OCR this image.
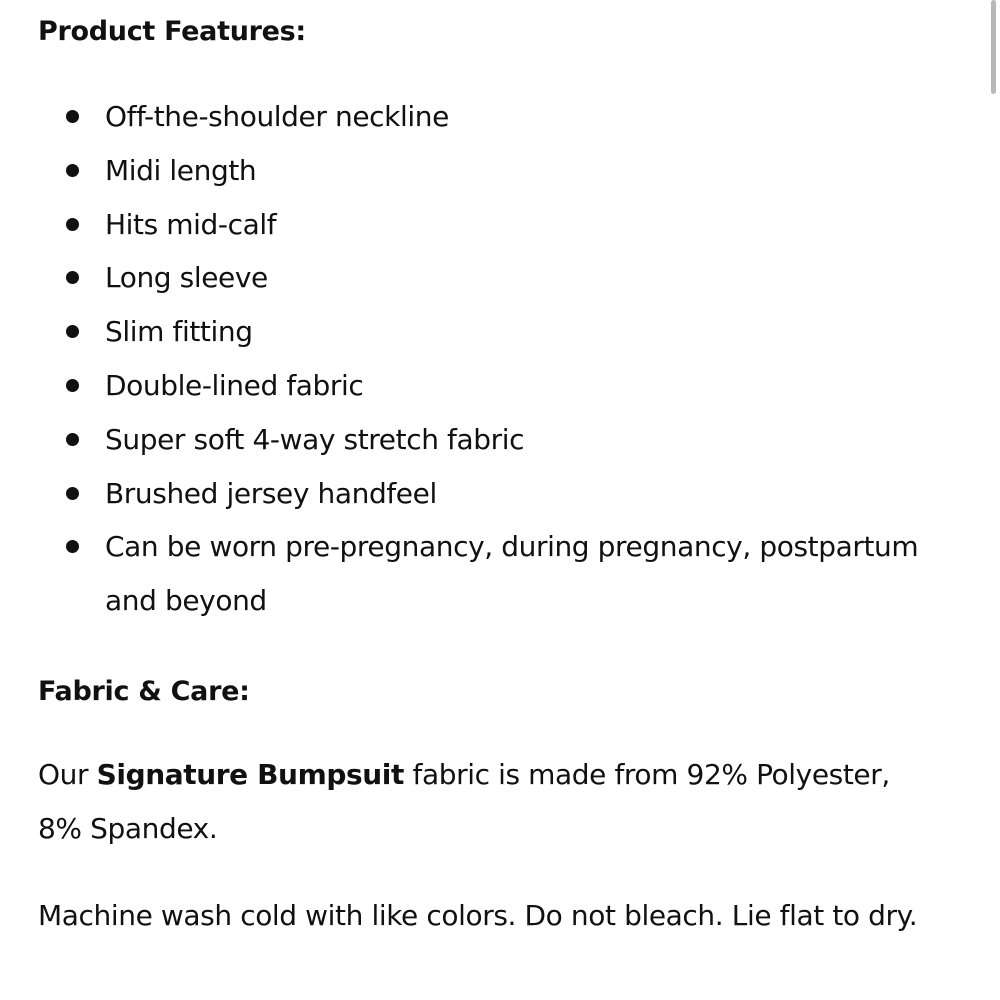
Product Features:
Off-the-shoulder neckline
Midi length
Hits mid-calf
Long sleeve
Slim fitting
Double-lined fabric
Super soft 4-way stretch fabric
Brushed jersey handfeel
Can be worn pre-pregnancy, during pregnancy, postpartum and beyond
Fabric & Care:

Our Signature Bumpsuit fabric is made from 92% Polyester, 8% Spandex.

Machine wash cold with like colors. Do not bleach. Lie flat to dry.
